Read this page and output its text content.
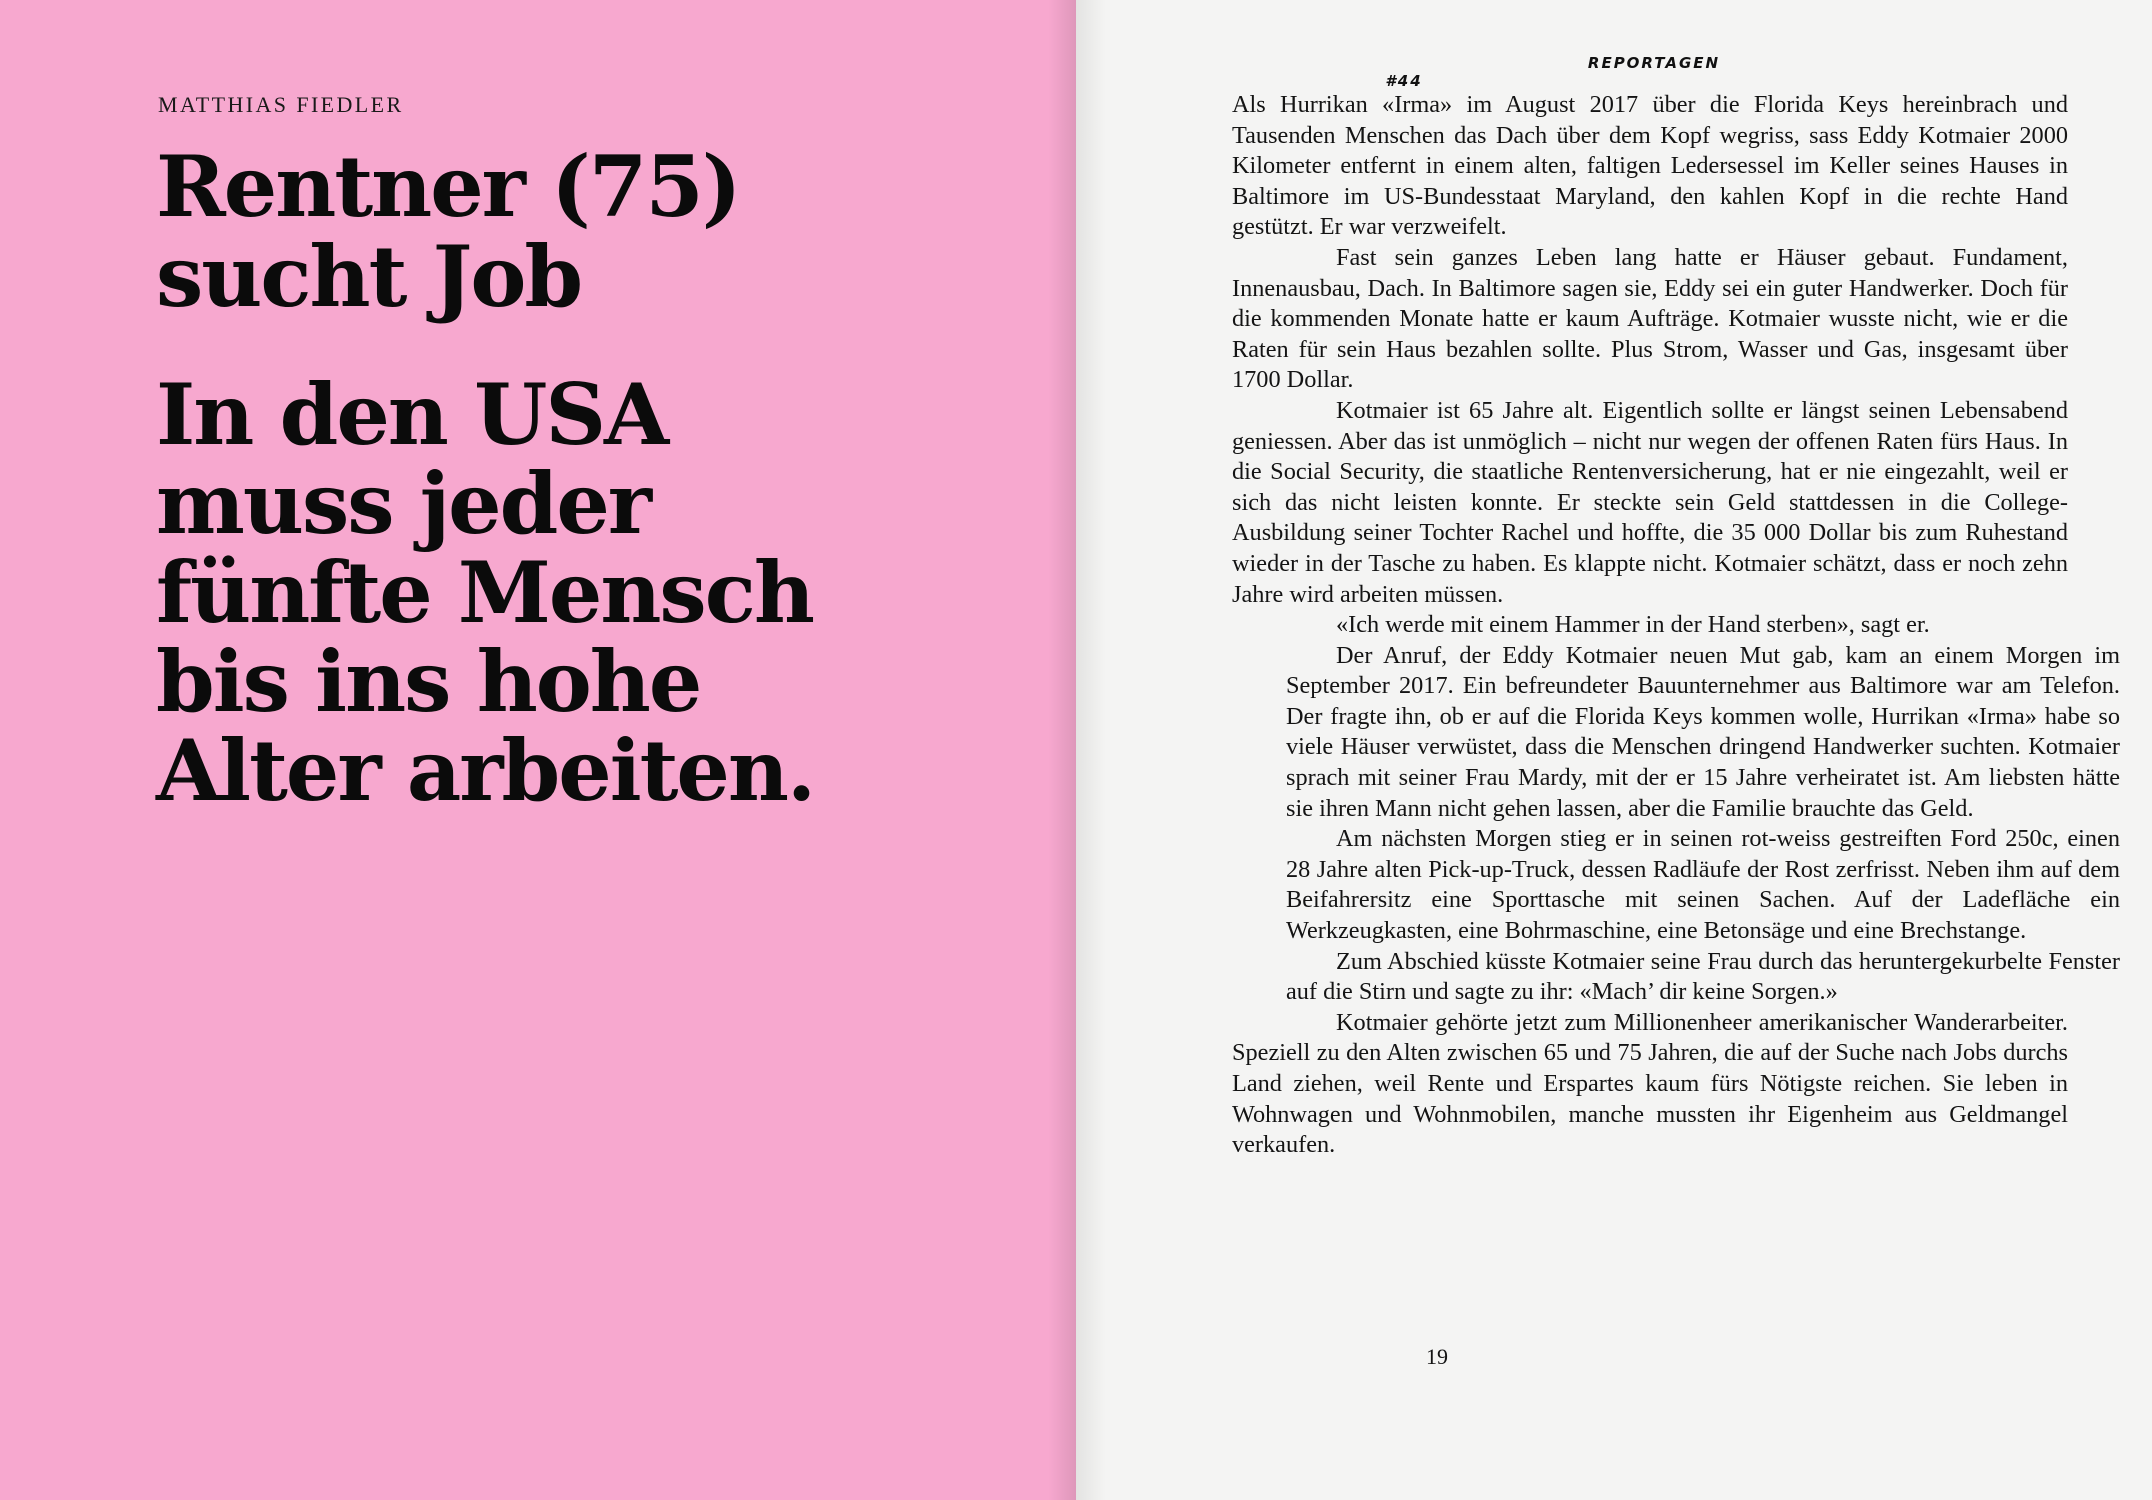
MATTHIAS FIEDLER
Rentner (75)
sucht Job
In den USA
muss jeder
fünfte Mensch
bis ins hohe
Alter arbeiten.
REPORTAGEN #44

Als Hurrikan «Irma» im August 2017 über die Florida Keys hereinbrach und Tausenden Menschen das Dach über dem Kopf wegriss, sass Eddy Kotmaier 2000 Kilometer entfernt in einem alten, faltigen Ledersessel im Keller seines Hauses in Baltimore im US-Bundesstaat Maryland, den kahlen Kopf in die rechte Hand gestützt. Er war verzweifelt.

Fast sein ganzes Leben lang hatte er Häuser gebaut. Fundament, Innenausbau, Dach. In Baltimore sagen sie, Eddy sei ein guter Handwerker. Doch für die kommenden Monate hatte er kaum Aufträge. Kotmaier wusste nicht, wie er die Raten für sein Haus bezahlen sollte. Plus Strom, Wasser und Gas, insgesamt über 1700 Dollar.

Kotmaier ist 65 Jahre alt. Eigentlich sollte er längst seinen Lebensabend geniessen. Aber das ist unmöglich – nicht nur wegen der offenen Raten fürs Haus. In die Social Security, die staatliche Rentenversicherung, hat er nie eingezahlt, weil er sich das nicht leisten konnte. Er steckte sein Geld stattdessen in die College-Ausbildung seiner Tochter Rachel und hoffte, die 35 000 Dollar bis zum Ruhestand wieder in der Tasche zu haben. Es klappte nicht. Kotmaier schätzt, dass er noch zehn Jahre wird arbeiten müssen.

«Ich werde mit einem Hammer in der Hand sterben», sagt er.

Der Anruf, der Eddy Kotmaier neuen Mut gab, kam an einem Morgen im September 2017. Ein befreundeter Bauunternehmer aus Baltimore war am Telefon. Der fragte ihn, ob er auf die Florida Keys kommen wolle, Hurrikan «Irma» habe so viele Häuser verwüstet, dass die Menschen dringend Handwerker suchten. Kotmaier sprach mit seiner Frau Mardy, mit der er 15 Jahre verheiratet ist. Am liebsten hätte sie ihren Mann nicht gehen lassen, aber die Familie brauchte das Geld.

Am nächsten Morgen stieg er in seinen rot-weiss gestreiften Ford 250c, einen 28 Jahre alten Pick-up-Truck, dessen Radläufe der Rost zerfrisst. Neben ihm auf dem Beifahrersitz eine Sporttasche mit seinen Sachen. Auf der Ladefläche ein Werkzeugkasten, eine Bohrmaschine, eine Betonsäge und eine Brechstange.

Zum Abschied küsste Kotmaier seine Frau durch das heruntergekurbelte Fenster auf die Stirn und sagte zu ihr: «Mach’ dir keine Sorgen.»

Kotmaier gehörte jetzt zum Millionenheer amerikanischer Wanderarbeiter. Speziell zu den Alten zwischen 65 und 75 Jahren, die auf der Suche nach Jobs durchs Land ziehen, weil Rente und Erspartes kaum fürs Nötigste reichen. Sie leben in Wohnwagen und Wohnmobilen, manche mussten ihr Eigenheim aus Geldmangel verkaufen.

19
